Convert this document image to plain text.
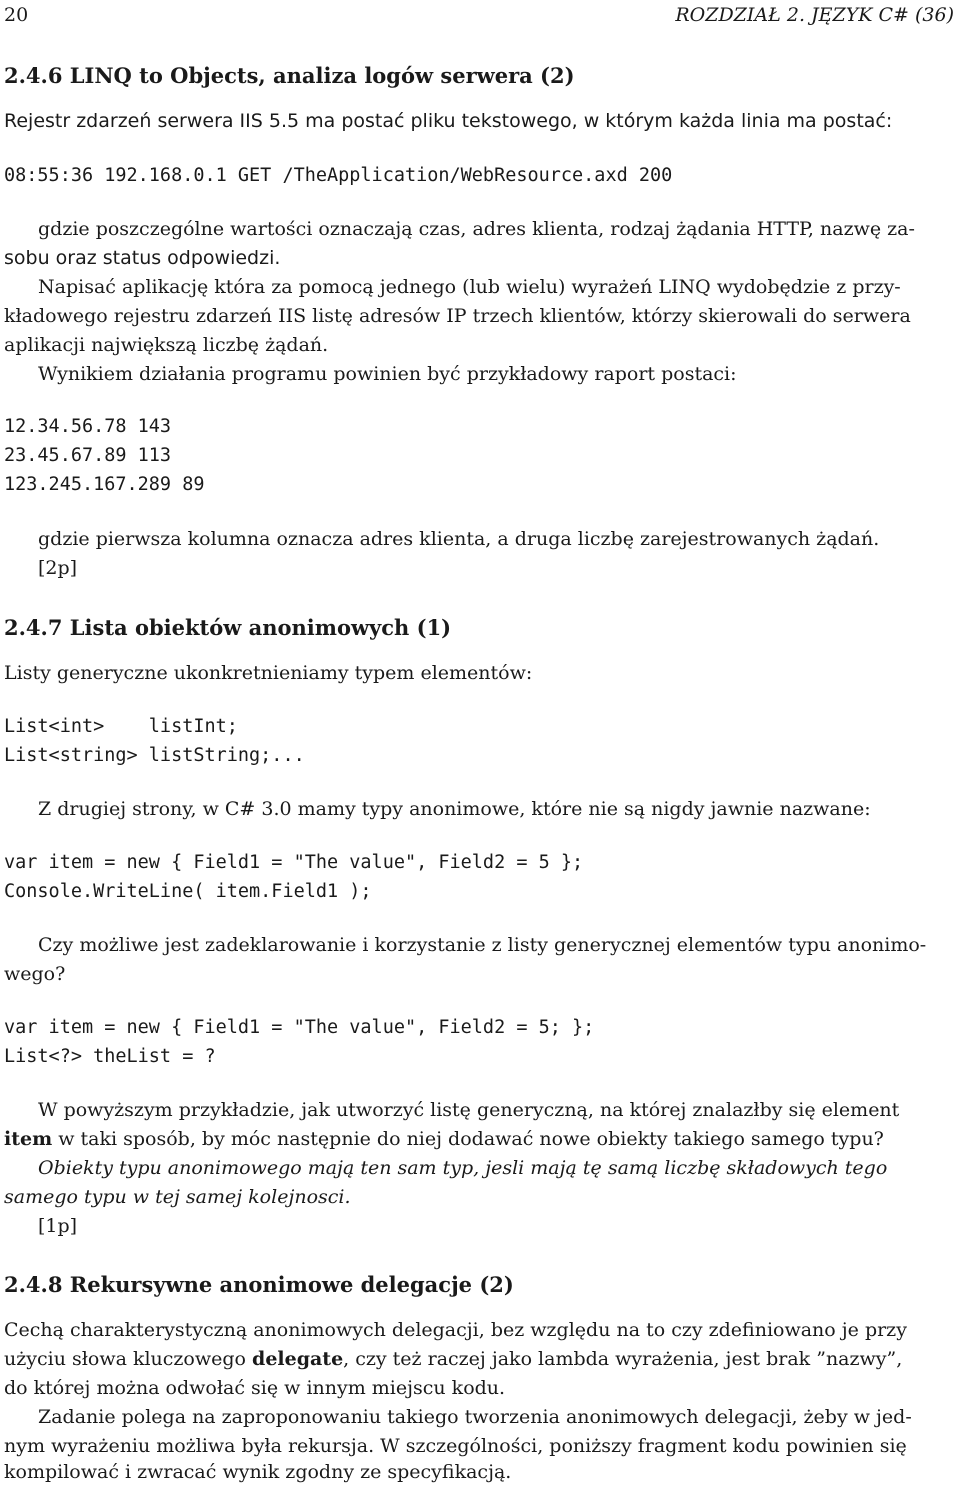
20	ROZDZIAŁ 2. JĘZYK C# (36)
2.4.6 LINQ to Objects, analiza logów serwera (2)
Rejestr zdarzeń serwera IIS 5.5 ma postać pliku tekstowego, w którym każda linia ma postać:
08:55:36 192.168.0.1 GET /TheApplication/WebResource.axd 200
gdzie poszczególne wartości oznaczają czas, adres klienta, rodzaj żądania HTTP, nazwę za-
sobu oraz status odpowiedzi.
Napisać aplikację która za pomocą jednego (lub wielu) wyrażeń LINQ wydobędzie z przy-
kładowego rejestru zdarzeń IIS listę adresów IP trzech klientów, którzy skierowali do serwera
aplikacji największą liczbę żądań.
Wynikiem działania programu powinien być przykładowy raport postaci:
12.34.56.78 143
23.45.67.89 113
123.245.167.289 89
gdzie pierwsza kolumna oznacza adres klienta, a druga liczbę zarejestrowanych żądań.
[2p]
2.4.7 Lista obiektów anonimowych (1)
Listy generyczne ukonkretnieniamy typem elementów:
List<int>    listInt;
List<string> listString;...
Z drugiej strony, w C# 3.0 mamy typy anonimowe, które nie są nigdy jawnie nazwane:
var item = new { Field1 = "The value", Field2 = 5 };
Console.WriteLine( item.Field1 );
Czy możliwe jest zadeklarowanie i korzystanie z listy generycznej elementów typu anonimo-
wego?
var item = new { Field1 = "The value", Field2 = 5; };
List<?> theList = ?
W powyższym przykładzie, jak utworzyć listę generyczną, na której znalazłby się element
item w taki sposób, by móc następnie do niej dodawać nowe obiekty takiego samego typu?
Obiekty typu anonimowego mają ten sam typ, jesli mają tę samą liczbę składowych tego
samego typu w tej samej kolejnosci.
[1p]
2.4.8 Rekursywne anonimowe delegacje (2)
Cechą charakterystyczną anonimowych delegacji, bez względu na to czy zdefiniowano je przy
użyciu słowa kluczowego delegate, czy też raczej jako lambda wyrażenia, jest brak ”nazwy”,
do której można odwołać się w innym miejscu kodu.
Zadanie polega na zaproponowaniu takiego tworzenia anonimowych delegacji, żeby w jed-
nym wyrażeniu możliwa była rekursja. W szczególności, poniższy fragment kodu powinien się
kompilować i zwracać wynik zgodny ze specyfikacją.
